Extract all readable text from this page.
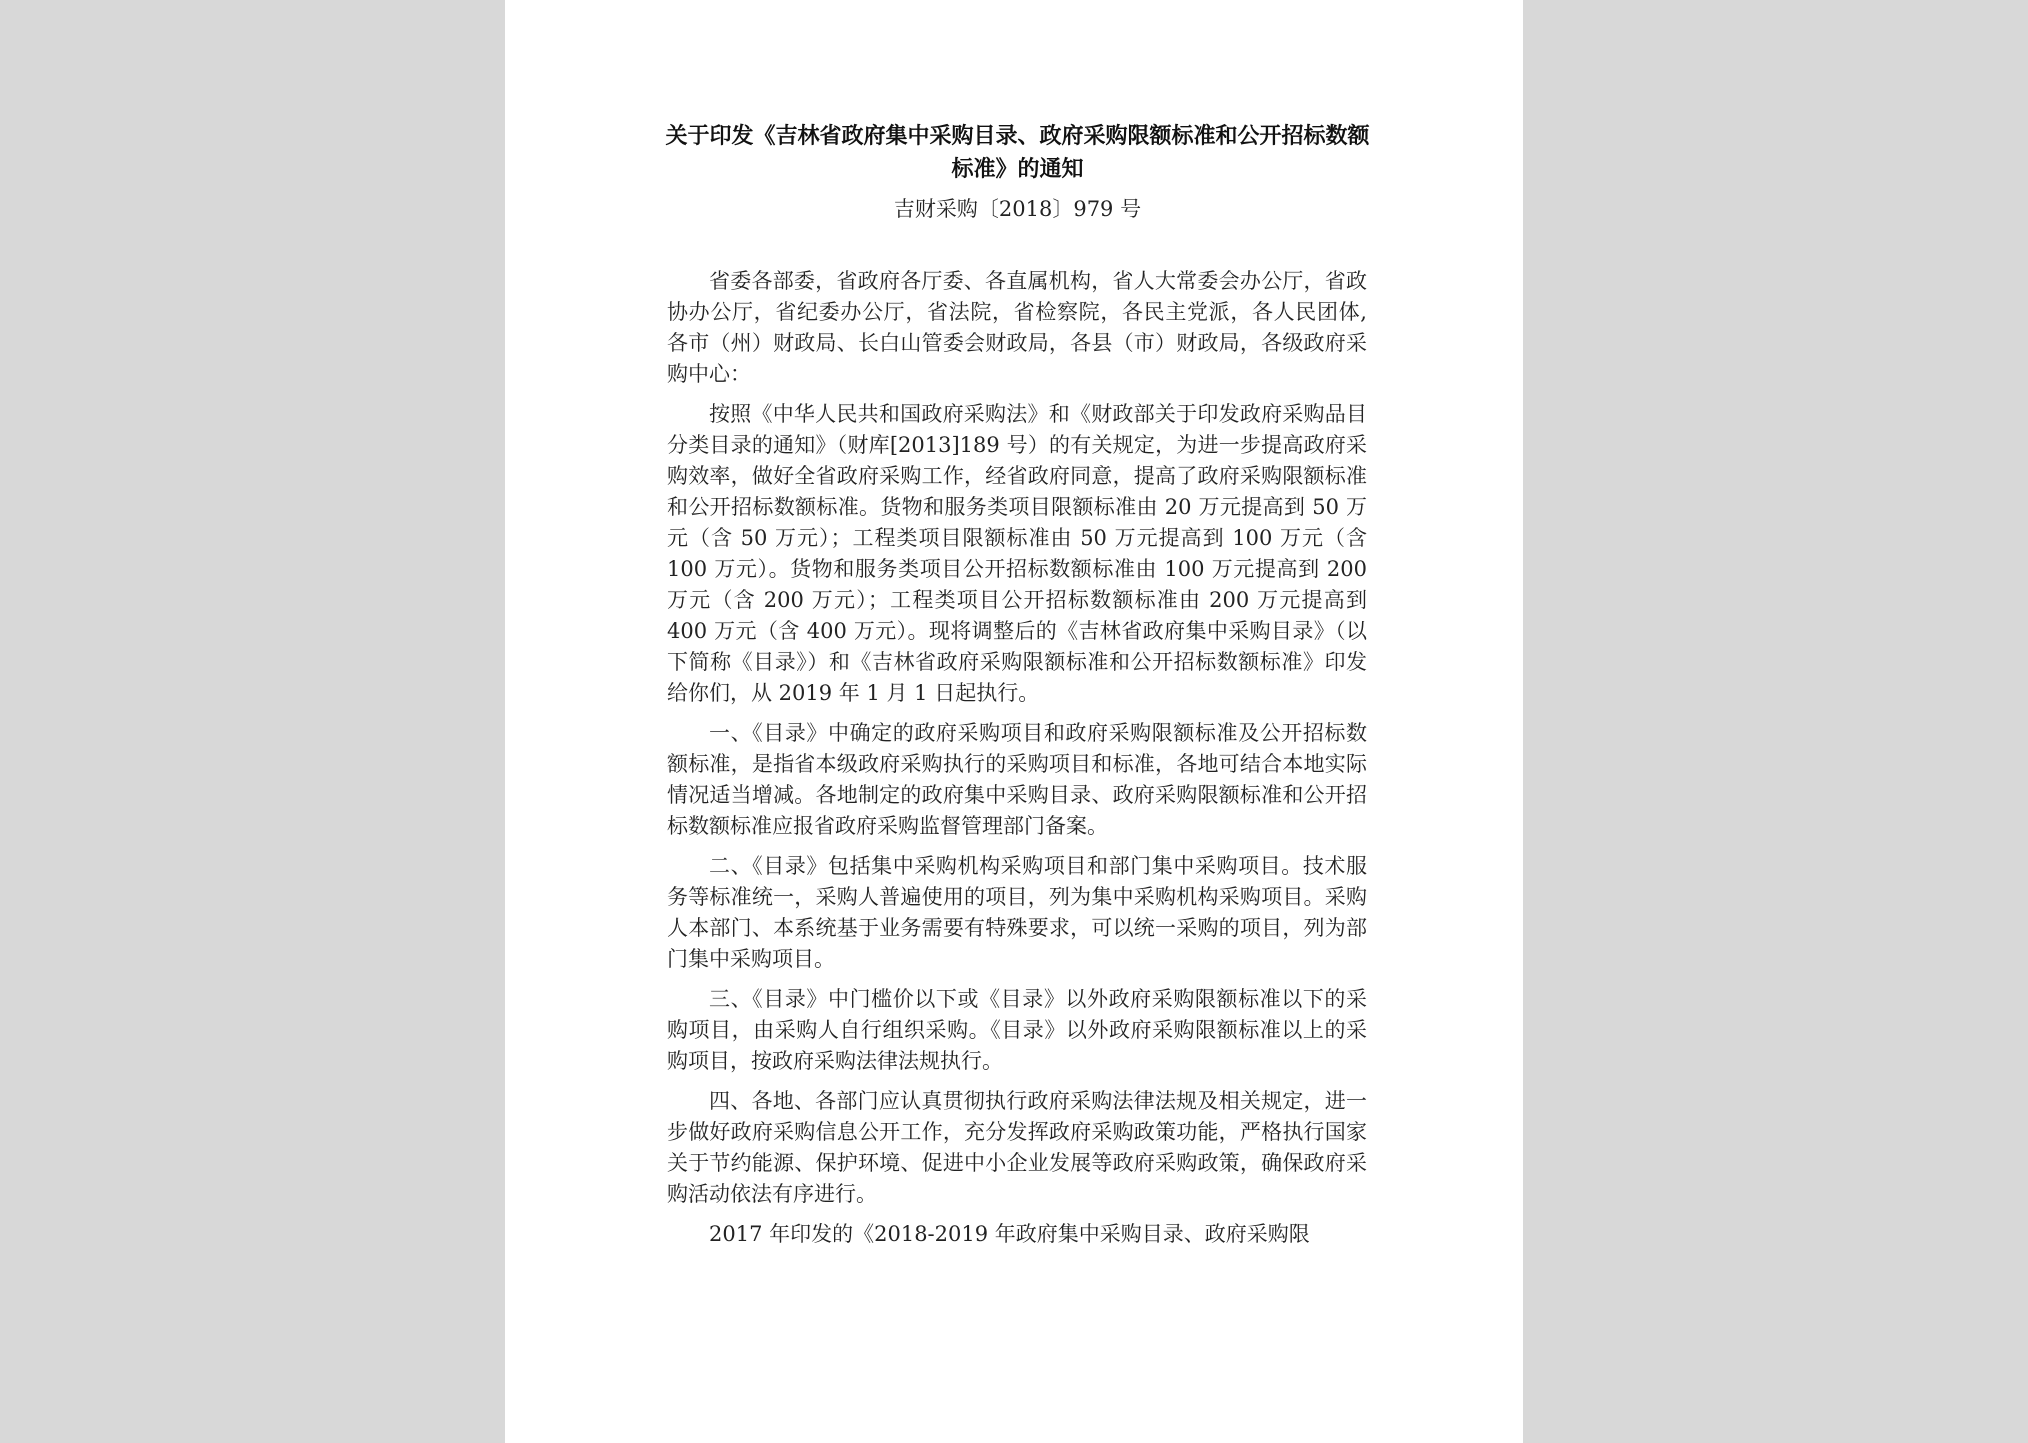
关于印发《吉林省政府集中采购目录、政府采购限额标准和公开招标数额标准》的通知
吉财采购〔2018〕979 号

省委各部委，省政府各厅委、各直属机构，省人大常委会办公厅，省政协办公厅，省纪委办公厅，省法院，省检察院，各民主党派，各人民团体, 各市（州）财政局、长白山管委会财政局，各县（市）财政局，各级政府采购中心：

按照《中华人民共和国政府采购法》和《财政部关于印发政府采购品目分类目录的通知》（财库[2013]189 号）的有关规定，为进一步提高政府采购效率，做好全省政府采购工作，经省政府同意，提高了政府采购限额标准和公开招标数额标准。货物和服务类项目限额标准由 20 万元提高到 50 万元（含 50 万元）；工程类项目限额标准由 50 万元提高到 100 万元（含 100 万元）。货物和服务类项目公开招标数额标准由 100 万元提高到 200 万元（含 200 万元）；工程类项目公开招标数额标准由 200 万元提高到 400 万元（含 400 万元）。现将调整后的《吉林省政府集中采购目录》（以下简称《目录》）和《吉林省政府采购限额标准和公开招标数额标准》印发给你们，从 2019 年 1 月 1 日起执行。

一、《目录》中确定的政府采购项目和政府采购限额标准及公开招标数额标准，是指省本级政府采购执行的采购项目和标准，各地可结合本地实际情况适当增减。各地制定的政府集中采购目录、政府采购限额标准和公开招标数额标准应报省政府采购监督管理部门备案。

二、《目录》包括集中采购机构采购项目和部门集中采购项目。技术服务等标准统一，采购人普遍使用的项目，列为集中采购机构采购项目。采购人本部门、本系统基于业务需要有特殊要求，可以统一采购的项目，列为部门集中采购项目。

三、《目录》中门槛价以下或《目录》以外政府采购限额标准以下的采购项目，由采购人自行组织采购。《目录》以外政府采购限额标准以上的采购项目，按政府采购法律法规执行。

四、各地、各部门应认真贯彻执行政府采购法律法规及相关规定，进一步做好政府采购信息公开工作，充分发挥政府采购政策功能，严格执行国家关于节约能源、保护环境、促进中小企业发展等政府采购政策，确保政府采购活动依法有序进行。

2017 年印发的《2018-2019 年政府集中采购目录、政府采购限
